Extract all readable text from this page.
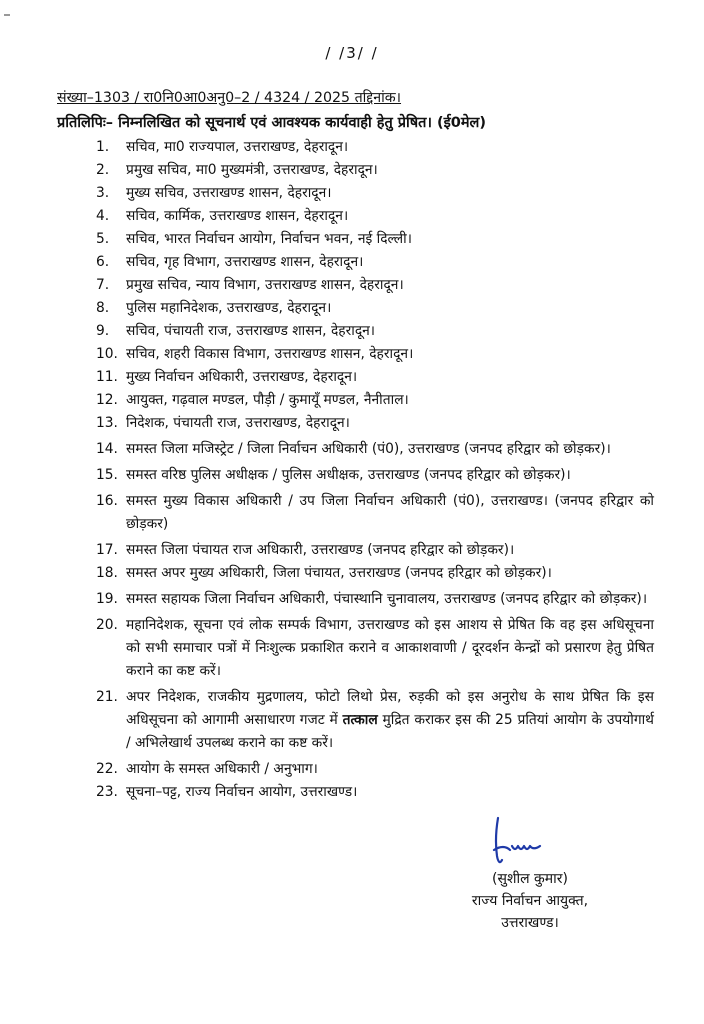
/ /3/ /
संख्या–1303 / रा0नि0आ0अनु0–2 / 4324 / 2025 तद्दिनांक।
प्रतिलिपिः– निम्नलिखित को सूचनार्थ एवं आवश्यक कार्यवाही हेतु प्रेषित। (ई0मेल)
1.	सचिव, मा0 राज्यपाल, उत्तराखण्ड, देहरादून।
2.	प्रमुख सचिव, मा0 मुख्यमंत्री, उत्तराखण्ड, देहरादून।
3.	मुख्य सचिव, उत्तराखण्ड शासन, देहरादून।
4.	सचिव, कार्मिक, उत्तराखण्ड शासन, देहरादून।
5.	सचिव, भारत निर्वाचन आयोग, निर्वाचन भवन, नई दिल्ली।
6.	सचिव, गृह विभाग, उत्तराखण्ड शासन, देहरादून।
7.	प्रमुख सचिव, न्याय विभाग, उत्तराखण्ड शासन, देहरादून।
8.	पुलिस महानिदेशक, उत्तराखण्ड, देहरादून।
9.	सचिव, पंचायती राज, उत्तराखण्ड शासन, देहरादून।
10. सचिव, शहरी विकास विभाग, उत्तराखण्ड शासन, देहरादून।
11. मुख्य निर्वाचन अधिकारी, उत्तराखण्ड, देहरादून।
12. आयुक्त, गढ़वाल मण्डल, पौड़ी / कुमायूँ मण्डल, नैनीताल।
13. निदेशक, पंचायती राज, उत्तराखण्ड, देहरादून।
14. समस्त जिला मजिस्ट्रेट / जिला निर्वाचन अधिकारी (पं0), उत्तराखण्ड (जनपद हरिद्वार को छोड़कर)।
15. समस्त वरिष्ठ पुलिस अधीक्षक / पुलिस अधीक्षक, उत्तराखण्ड (जनपद हरिद्वार को छोड़कर)।
16. समस्त मुख्य विकास अधिकारी / उप जिला निर्वाचन अधिकारी (पं0), उत्तराखण्ड। (जनपद हरिद्वार को छोड़कर)
17. समस्त जिला पंचायत राज अधिकारी, उत्तराखण्ड (जनपद हरिद्वार को छोड़कर)।
18. समस्त अपर मुख्य अधिकारी, जिला पंचायत, उत्तराखण्ड (जनपद हरिद्वार को छोड़कर)।
19. समस्त सहायक जिला निर्वाचन अधिकारी, पंचास्थानि चुनावालय, उत्तराखण्ड (जनपद हरिद्वार को छोड़कर)।
20. महानिदेशक, सूचना एवं लोक सम्पर्क विभाग, उत्तराखण्ड को इस आशय से प्रेषित कि वह इस अधिसूचना को सभी समाचार पत्रों में निःशुल्क प्रकाशित कराने व आकाशवाणी / दूरदर्शन केन्द्रों को प्रसारण हेतु प्रेषित कराने का कष्ट करें।
21. अपर निदेशक, राजकीय मुद्रणालय, फोटो लिथो प्रेस, रुड़की को इस अनुरोध के साथ प्रेषित कि इस अधिसूचना को आगामी असाधारण गजट में तत्काल मुद्रित कराकर इस की 25 प्रतियां आयोग के उपयोगार्थ / अभिलेखार्थ उपलब्ध कराने का कष्ट करें।
22. आयोग के समस्त अधिकारी / अनुभाग।
23. सूचना–पट्ट, राज्य निर्वाचन आयोग, उत्तराखण्ड।
(सुशील कुमार)
राज्य निर्वाचन आयुक्त,
उत्तराखण्ड।
